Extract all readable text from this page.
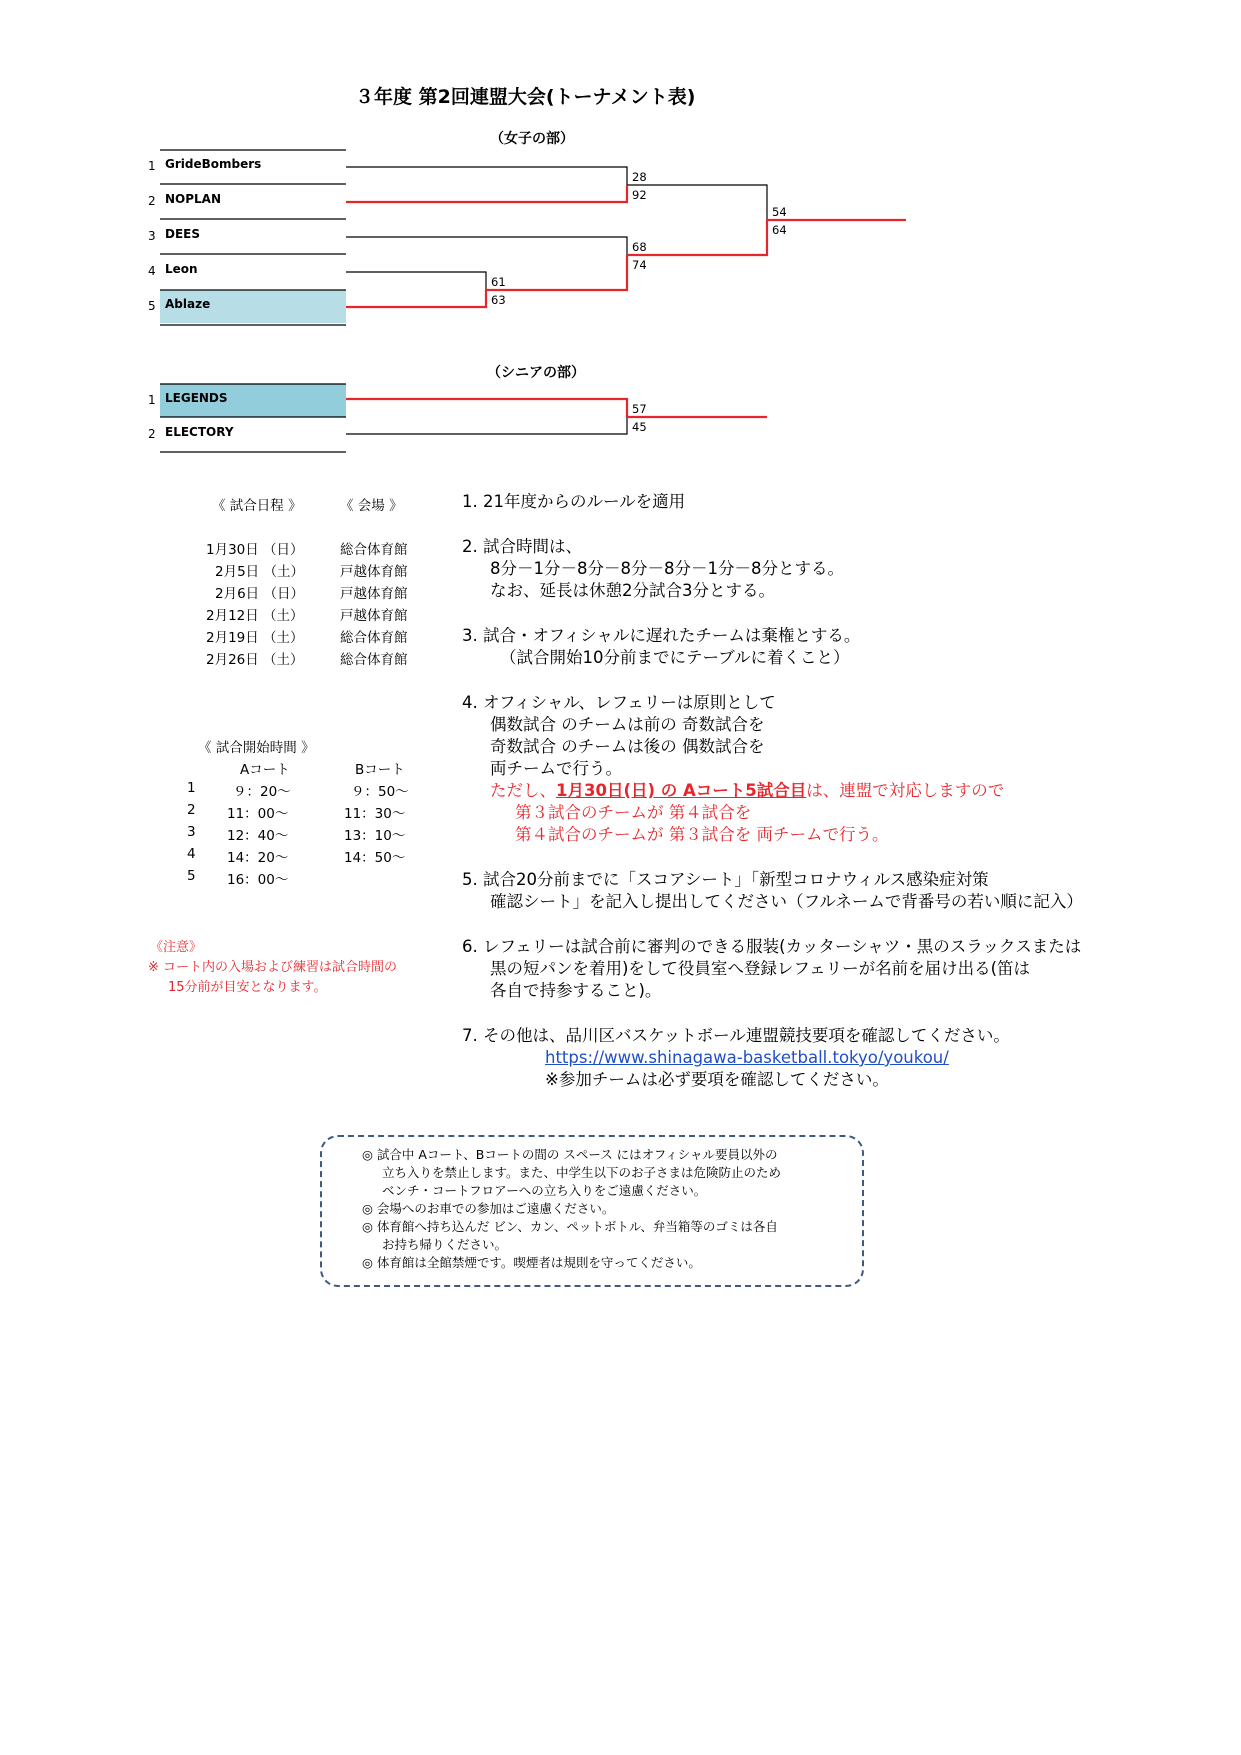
３年度 第2回連盟大会(トーナメント表)
（女子の部）
1 GrideBombers
2 NOPLAN
3 DEES
4 Leon
5 Ablaze
28
92
61
63
68
74
54
64
（シニアの部）
1 LEGENDS
2 ELECTORY
57
45
《 試合日程 》	《 会場 》
1月30日 （日）	総合体育館
2月5日 （土）	戸越体育館
2月6日 （日）	戸越体育館
2月12日 （土）	戸越体育館
2月19日 （土）	総合体育館
2月26日 （土）	総合体育館
《 試合開始時間 》
Aコート	Bコート
1	９：20～	９：50～
2 11：00～	11：30～
3 12：40～	13：10～
4 14：20～	14：50～
5 16：00～
《注意》
※ コート内の入場および練習は試合時間の
15分前が目安となります。
1. 21年度からのルールを適用
2. 試合時間は、
8分－1分－8分－8分－8分－1分－8分とする。
なお、延長は休憩2分試合3分とする。
3. 試合・オフィシャルに遅れたチームは棄権とする。
（試合開始10分前までにテーブルに着くこと）
4. オフィシャル、レフェリーは原則として
偶数試合 のチームは前の 奇数試合を
奇数試合 のチームは後の 偶数試合を
両チームで行う。
ただし、1月30日(日) の Aコート5試合目は、連盟で対応しますので
第３試合のチームが 第４試合を
第４試合のチームが 第３試合を 両チームで行う。
5. 試合20分前までに「スコアシート」「新型コロナウィルス感染症対策
確認シート」を記入し提出してください（フルネームで背番号の若い順に記入）
6. レフェリーは試合前に審判のできる服装(カッターシャツ・黒のスラックスまたは
黒の短パンを着用)をして役員室へ登録レフェリーが名前を届け出る(笛は
各自で持参すること)。
7. その他は、品川区バスケットボール連盟競技要項を確認してください。
https://www.shinagawa-basketball.tokyo/youkou/
※参加チームは必ず要項を確認してください。
◎ 試合中 Aコート、Bコートの間の スペース にはオフィシャル要員以外の
立ち入りを禁止します。また、中学生以下のお子さまは危険防止のため
ベンチ・コートフロアーへの立ち入りをご遠慮ください。
◎ 会場へのお車での参加はご遠慮ください。
◎ 体育館へ持ち込んだ ビン、カン、ペットボトル、弁当箱等のゴミは各自
お持ち帰りください。
◎ 体育館は全館禁煙です。喫煙者は規則を守ってください。
